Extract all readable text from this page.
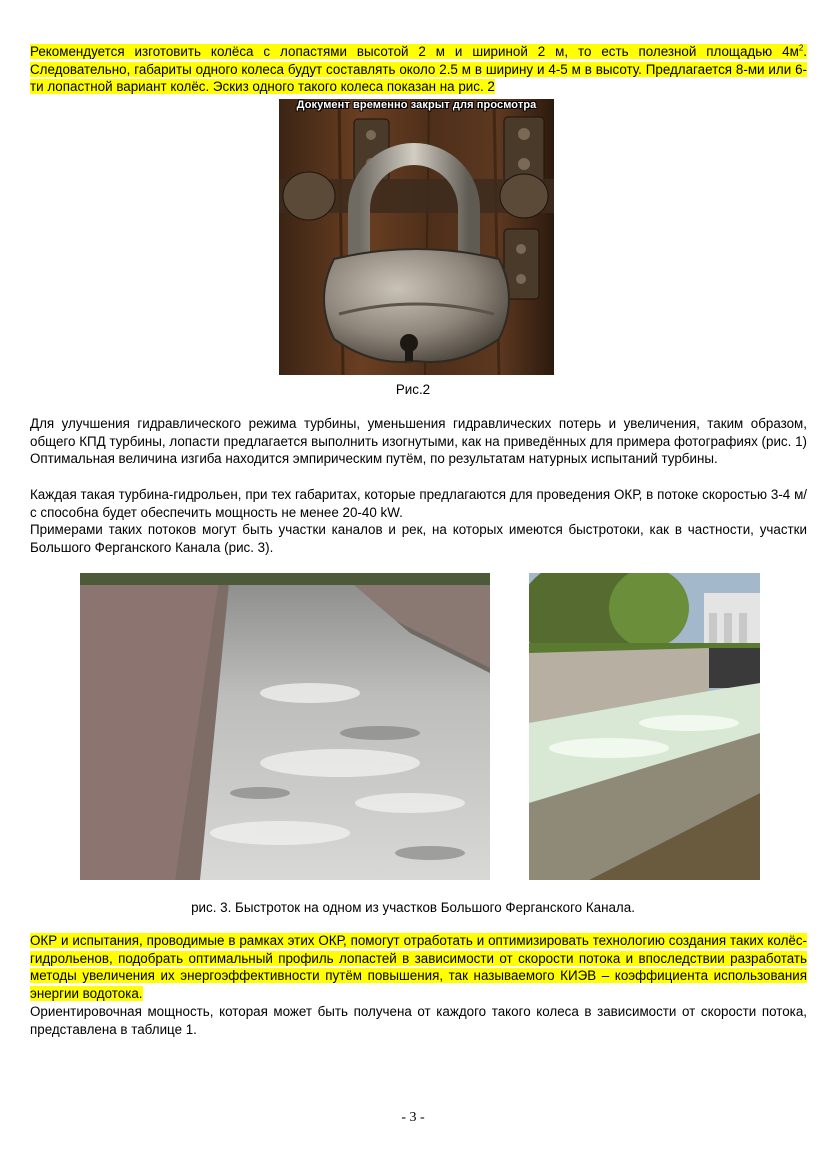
Рекомендуется изготовить колёса с лопастями высотой 2 м и шириной 2 м, то есть полезной площадью $4м^2$. Следовательно, габариты одного колеса будут составлять около 2.5 м в ширину и 4-5 м в высоту. Предлагается 8-ми или 6-ти лопастной вариант колёс. Эскиз одного такого колеса показан на рис. 2

Документ временно закрыт для просмотра
Рис.2

Для улучшения гидравлического режима турбины, уменьшения гидравлических потерь и увеличения, таким образом, общего КПД турбины, лопасти предлагается выполнить изогнутыми, как на приведённых для примера фотографиях (рис. 1) Оптимальная величина изгиба находится эмпирическим путём, по результатам натурных испытаний турбины.

Каждая такая турбина-гидрольен, при тех габаритах, которые предлагаются для проведения ОКР, в потоке скоростью 3-4 м/с способна будет обеспечить мощность не менее 20-40 kW.

Примерами таких потоков могут быть участки каналов и рек, на которых имеются быстротоки, как в частности, участки Большого Ферганского Канала (рис. 3).

рис. 3. Быстроток на одном из участков Большого Ферганского Канала.

ОКР и испытания, проводимые в рамках этих ОКР, помогут отработать и оптимизировать технологию создания таких колёс-гидрольенов, подобрать оптимальный профиль лопастей в зависимости от скорости потока и впоследствии разработать методы увеличения их энергоэффективности путём повышения, так называемого КИЭВ – коэффициента использования энергии водотока.

Ориентировочная мощность, которая может быть получена от каждого такого колеса в зависимости от скорости потока, представлена в таблице 1.

- 3 -
